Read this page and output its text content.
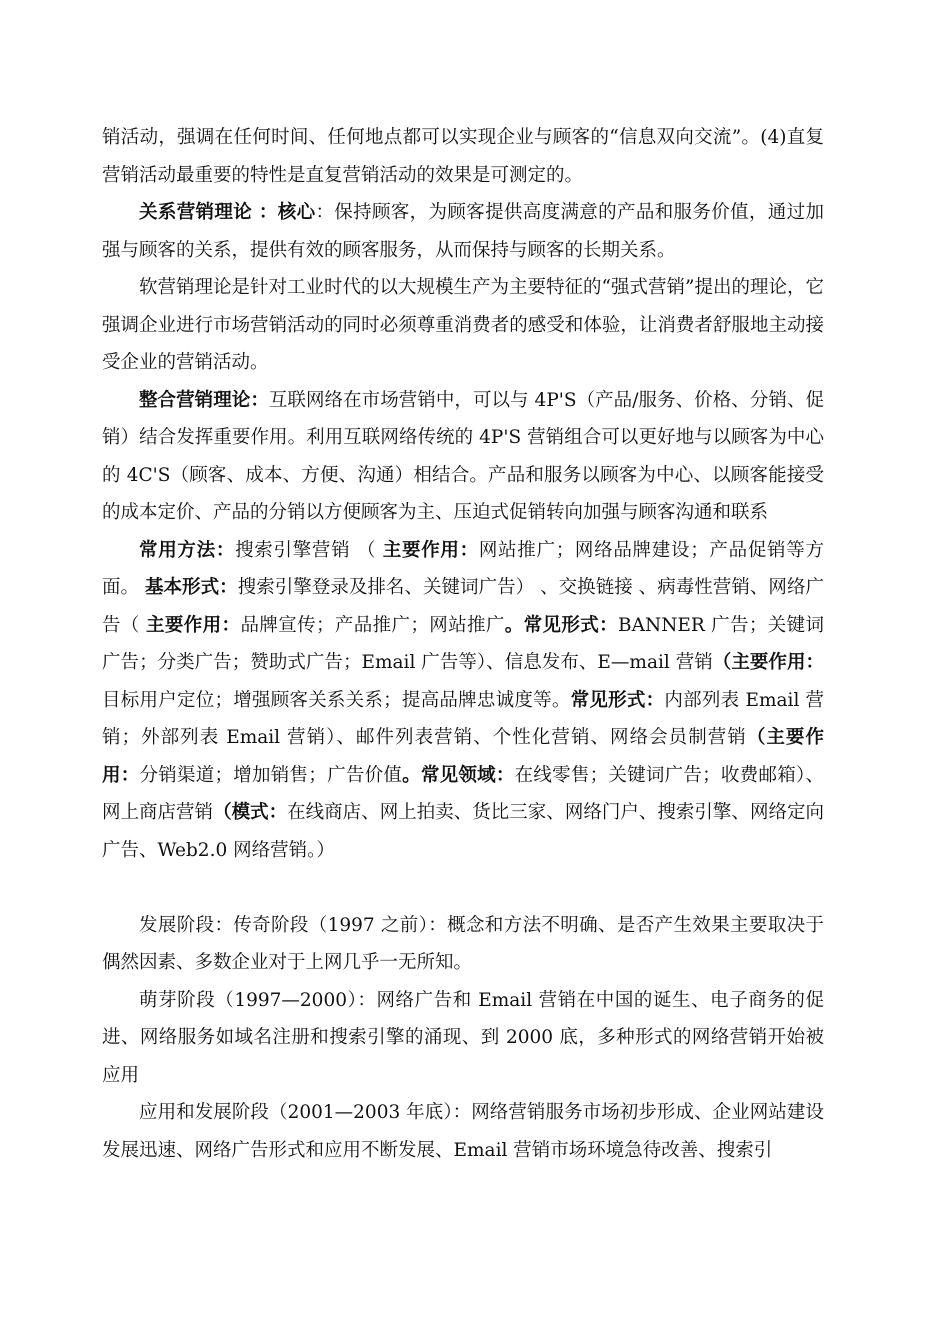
销活动，强调在任何时间、任何地点都可以实现企业与顾客的“信息双向交流”。(4)直复营销活动最重要的特性是直复营销活动的效果是可测定的。

关系营销理论 ：核心：保持顾客，为顾客提供高度满意的产品和服务价值，通过加强与顾客的关系，提供有效的顾客服务，从而保持与顾客的长期关系。

软营销理论是针对工业时代的以大规模生产为主要特征的“强式营销”提出的理论，它强调企业进行市场营销活动的同时必须尊重消费者的感受和体验，让消费者舒服地主动接受企业的营销活动。

整合营销理论：互联网络在市场营销中，可以与 4P'S（产品/服务、价格、分销、促销）结合发挥重要作用。利用互联网络传统的 4P'S 营销组合可以更好地与以顾客为中心的 4C'S（顾客、成本、方便、沟通）相结合。产品和服务以顾客为中心、以顾客能接受的成本定价、产品的分销以方便顾客为主、压迫式促销转向加强与顾客沟通和联系

常用方法：搜索引擎营销 （ 主要作用：网站推广；网络品牌建设；产品促销等方面。 基本形式：搜索引擎登录及排名、关键词广告） 、交换链接 、病毒性营销、网络广告（ 主要作用：品牌宣传；产品推广；网站推广。常见形式：BANNER 广告；关键词广告；分类广告；赞助式广告；Email 广告等）、信息发布、E—mail 营销（主要作用：目标用户定位；增强顾客关系关系；提高品牌忠诚度等。常见形式：内部列表 Email 营销；外部列表 Email 营销）、邮件列表营销、个性化营销、网络会员制营销（主要作用：分销渠道；增加销售；广告价值。常见领域：在线零售；关键词广告；收费邮箱）、网上商店营销（模式：在线商店、网上拍卖、货比三家、网络门户、搜索引擎、网络定向广告、Web2.0 网络营销。）

发展阶段：传奇阶段（1997 之前）：概念和方法不明确、是否产生效果主要取决于偶然因素、多数企业对于上网几乎一无所知。

萌芽阶段（1997—2000）：网络广告和 Email 营销在中国的诞生、电子商务的促进、网络服务如域名注册和搜索引擎的涌现、到 2000 底，多种形式的网络营销开始被应用

应用和发展阶段（2001—2003 年底）：网络营销服务市场初步形成、企业网站建设发展迅速、网络广告形式和应用不断发展、Email 营销市场环境急待改善、搜索引
